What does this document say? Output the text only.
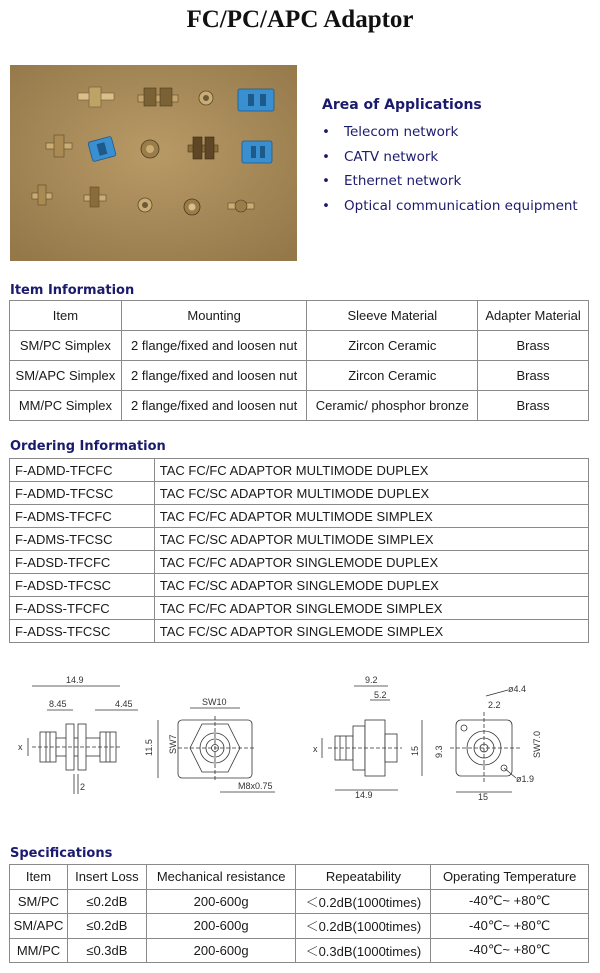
FC/PC/APC Adaptor
Area of Applications
• Telecom network
• CATV network
• Ethernet network
• Optical communication equipment
Item Information
Item	Mounting	Sleeve Material	Adapter Material
SM/PC Simplex	2 flange/fixed and loosen nut	Zircon Ceramic	Brass
SM/APC Simplex	2 flange/fixed and loosen nut	Zircon Ceramic	Brass
MM/PC Simplex	2 flange/fixed and loosen nut	Ceramic/ phosphor bronze	Brass
Ordering Information
F-ADMD-TFCFC	TAC FC/FC ADAPTOR MULTIMODE DUPLEX
F-ADMD-TFCSC	TAC FC/SC ADAPTOR MULTIMODE DUPLEX
F-ADMS-TFCFC	TAC FC/FC ADAPTOR MULTIMODE SIMPLEX
F-ADMS-TFCSC	TAC FC/SC ADAPTOR MULTIMODE SIMPLEX
F-ADSD-TFCFC	TAC FC/FC ADAPTOR SINGLEMODE DUPLEX
F-ADSD-TFCSC	TAC FC/SC ADAPTOR SINGLEMODE DUPLEX
F-ADSS-TFCFC	TAC FC/FC ADAPTOR SINGLEMODE SIMPLEX
F-ADSS-TFCSC	TAC FC/SC ADAPTOR SINGLEMODE SIMPLEX
14.9
8.45	4.45
x
2
SW10
SW7
11.5
M8x0.75
9.2
5.2
x
14.9
ø4.4
2.2
9.3
15	SW7.0
15
ø1.9
Specifications
Item	Insert Loss	Mechanical resistance	Repeatability	Operating Temperature
SM/PC	≤0.2dB	200-600g	＜0.2dB(1000times)	-40℃~ +80℃
SM/APC	≤0.2dB	200-600g	＜0.2dB(1000times)	-40℃~ +80℃
MM/PC	≤0.3dB	200-600g	＜0.3dB(1000times)	-40℃~ +80℃
